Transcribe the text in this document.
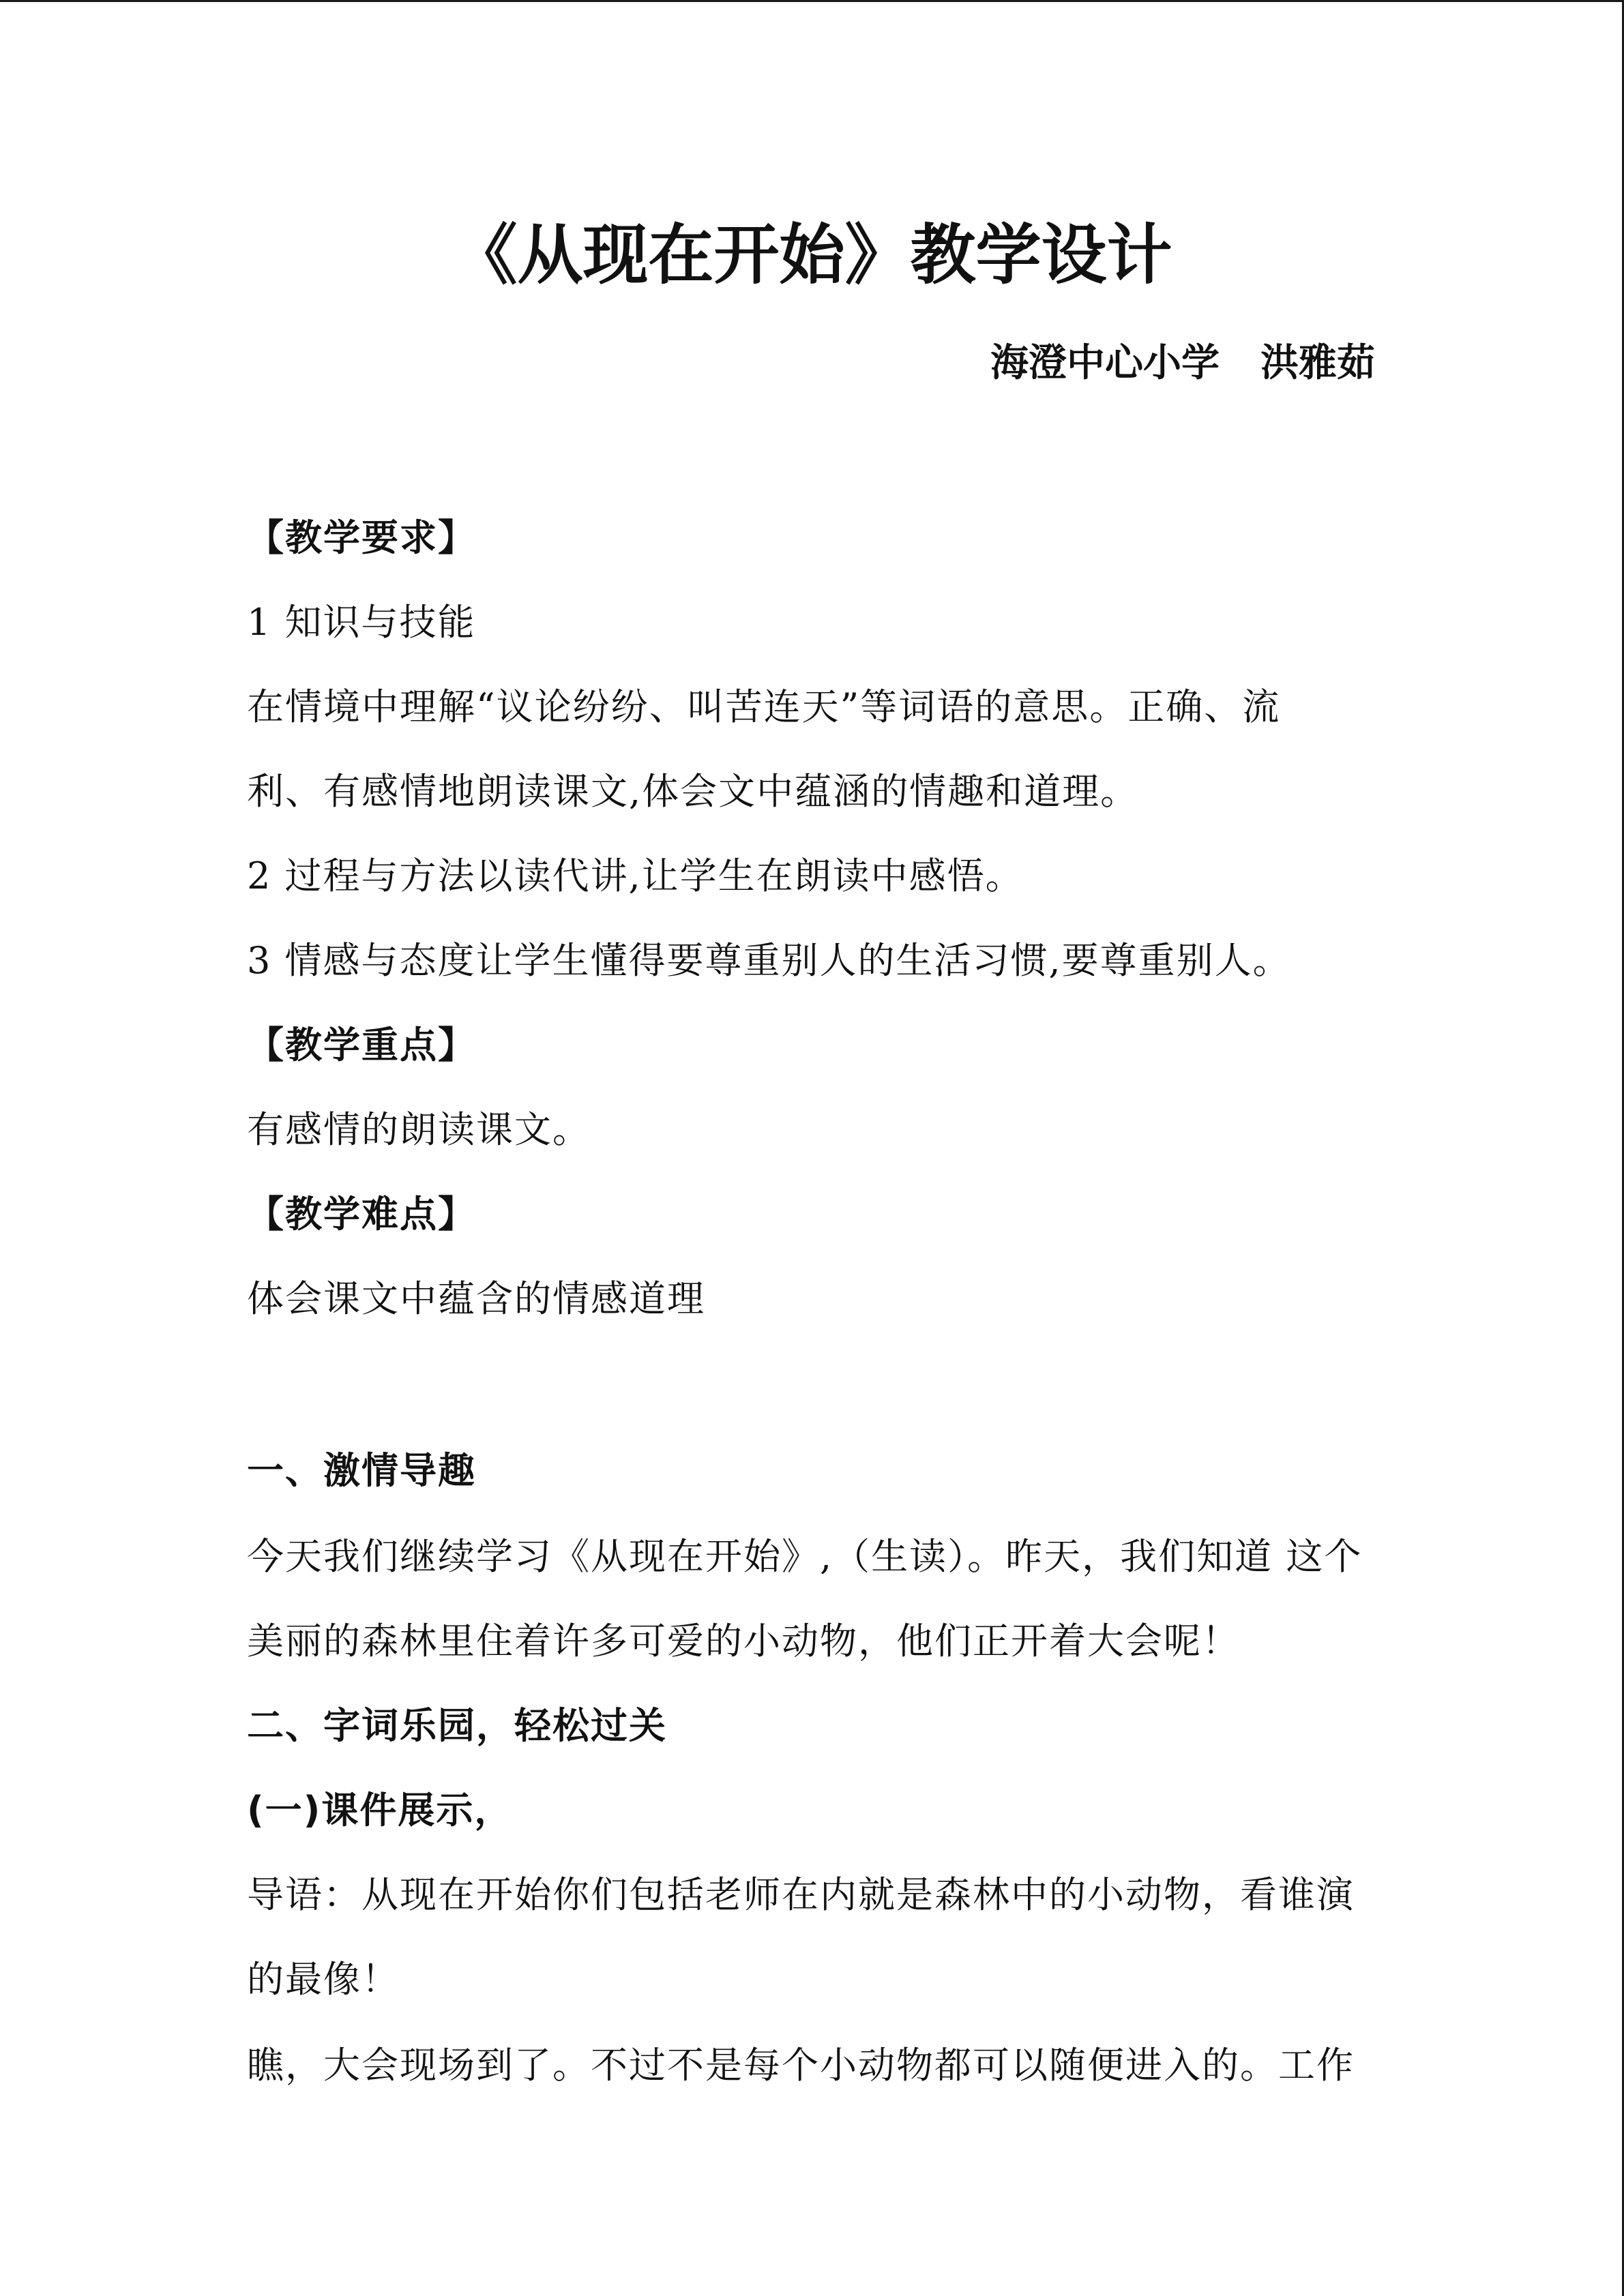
《从现在开始》教学设计
海澄中心小学 洪雅茹
【教学要求】
1 知识与技能
在情境中理解“议论纷纷、叫苦连天”等词语的意思。正确、流
利、有感情地朗读课文,体会文中蕴涵的情趣和道理。
2 过程与方法以读代讲,让学生在朗读中感悟。
3 情感与态度让学生懂得要尊重别人的生活习惯,要尊重别人。
【教学重点】
有感情的朗读课文。
【教学难点】
体会课文中蕴含的情感道理
一、激情导趣
今天我们继续学习《从现在开始》,（生读）。昨天，我们知道 这个
美丽的森林里住着许多可爱的小动物，他们正开着大会呢！
二、字词乐园，轻松过关
(一)课件展示，
导语：从现在开始你们包括老师在内就是森林中的小动物，看谁演
的最像！
瞧，大会现场到了。不过不是每个小动物都可以随便进入的。工作
